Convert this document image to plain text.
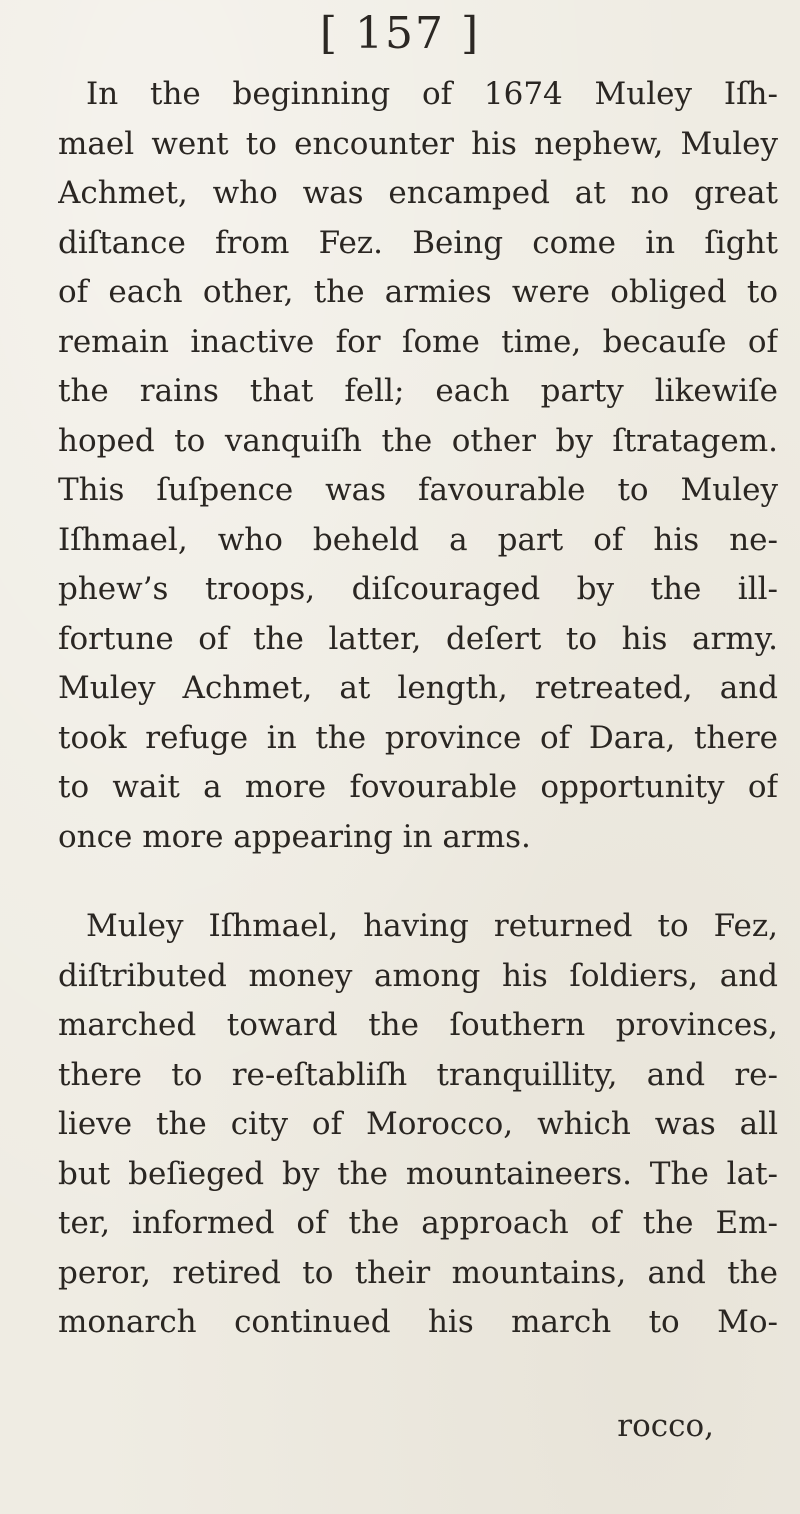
[ 157 ]
In the beginning of 1674 Muley Iſh-
mael went to encounter his nephew, Muley
Achmet, who was encamped at no great
diſtance from Fez. Being come in ſight
of each other, the armies were obliged to
remain inactive for ſome time, becauſe of
the rains that fell; each party likewiſe
hoped to vanquiſh the other by ſtratagem.
This ſuſpence was favourable to Muley
Iſhmael, who beheld a part of his ne-
phew’s troops, diſcouraged by the ill-
fortune of the latter, deſert to his army.
Muley Achmet, at length, retreated, and
took refuge in the province of Dara, there
to wait a more fovourable opportunity of
once more appearing in arms.
Muley Iſhmael, having returned to Fez,
diſtributed money among his ſoldiers, and
marched toward the ſouthern provinces,
there to re-eſtabliſh tranquillity, and re-
lieve the city of Morocco, which was all
but beſieged by the mountaineers. The lat-
ter, informed of the approach of the Em-
peror, retired to their mountains, and the
monarch continued his march to Mo-
rocco,
